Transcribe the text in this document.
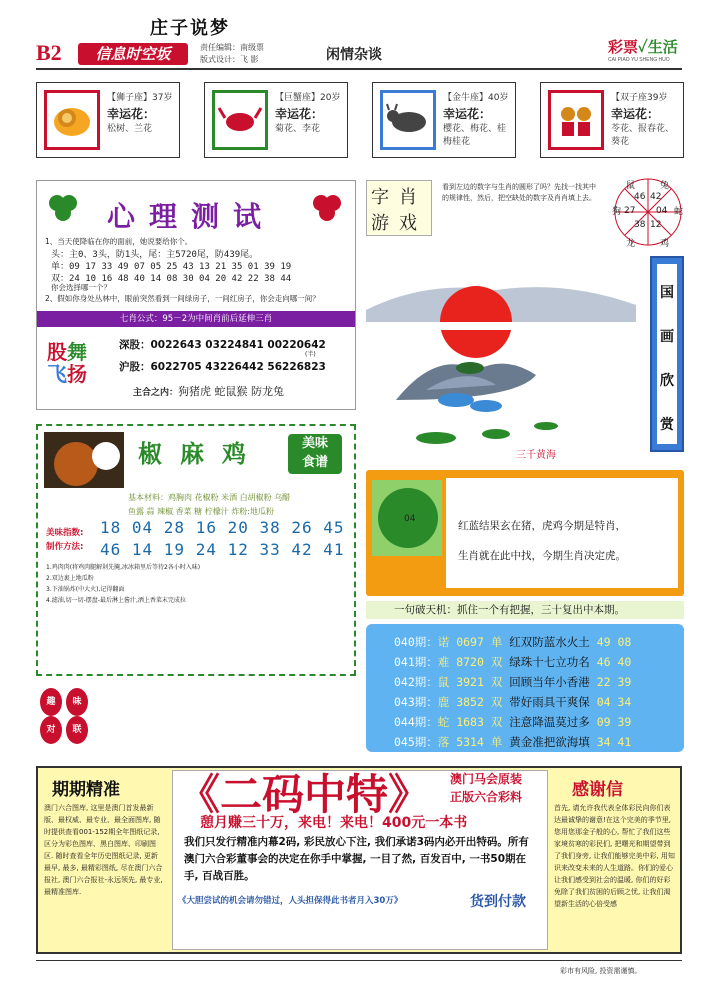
B2	信息时空坂	责任编辑：南级票
版式设计：飞 影	闲情杂谈	彩票✓生活
CAI PIAO YU SHENG HUO
【狮子座】37岁
幸运花：
松树、兰花
【巨蟹座】20岁
幸运花：
菊花、李花
【金牛座】40岁
幸运花：
樱花、梅花、桂梅桂花
【双子座39岁
幸运花：
苓花、报春花、葵花
心理测试
1、当天使降临在你的面前，她说要给你个。
头：主0、3头，防1头，尾：主5720尾，防439尾。
单：09 17 33 49 07 05 25 43 13 21 35 01 39 19
双：24 10 16 48 40 14 08 30 04 20 42 22 38 44
你会选择哪一个？
2、假如你身处丛林中，眼前突然看到一间绿房子，一间红房子，你会走向哪一间？
七肖公式：95－2为中间肖前后延伸三肖
股舞
飞扬
深股：0022643 03224841 00220642
(半)
沪股：6022705 43226442 56226823
主合之内：狗猪虎 蛇鼠猴 防龙兔
字 肖
游 戏
看到左边的数字与生肖的圆形了吗？先找一找其中的规律性，然后，把空缺处的数字及肖肖填上去。
鼠	兔
狗	蛇
龙	鸡
46 42
27 04
38 12
三千黄海
国
画
欣
赏
椒麻鸡	美味
食谱
基本材料：鸡胸肉 花椒粉 米酒 白胡椒粉 乌醋
鱼露 蒜 辣椒 香菜 糖 柠檬汁 炸粉:地瓜粉
美味指数:
制作方法:
18 04 28 16 20 38 26 45
46 14 19 24 12 33 42 41
1.鸡肉肉(将鸡肉腿解剁先腌,冰冰箱里后等待2各小时入味)
2.双边裹上地瓜粉
3.下油锅炸(中大火),记得翻面
4.滤油,切一切-摆盘-最后淋上酱汁,洒上香菜末完成拉
趣	味
对	联
04
庄子说梦
红蓝结果玄在猪，虎鸡今期是特肖，
生肖就在此中找，今期生肖决定虎。
一句破天机：抓住一个有把握，三十复出中本期。
040期：诺 0697 单 红双防蓝水火土 49 08
041期：难 8720 双 绿珠十七立功名 46 40
042期：鼠 3921 双 回顾当年小香港 22 39
043期：鹿 3852 双 带好雨具干爽保 04 34
044期：蛇 1683 双 注意降温莫过多 09 39
045期：落 5314 单 黄金准把欲海填 34 41
期期精准
澳门六合图库, 这里是澳门首发最新版、最权威、最专业、最全面图库, 随时提供查看001-152期全年图纸记录, 区分为彩色图库、黑白图库、印刷图区. 随时查看全年历史图纸记录, 更新最早, 最多, 最精彩图纸, 尽在澳门六合报社, 澳门六合报社-永远领先, 最专业, 最精准图库.
《二码中特》 澳门马会原装
正版六合彩料
憩月赚三十万，来电！来电！400元一本书
我们只发行精准内幕2码, 彩民放心下注, 我们承诺3码内必开出特码。所有澳门六合彩董事会的决定在你手中掌握, 一目了然, 百发百中, 一书50期在手, 百战百胜。
《大胆尝试的机会请勿错过，人头担保得此书者月入30万》	货到付款
感谢信
首先, 请允许我代表全体彩民向你们表达最诚挚的谢意!在这个完美的季节里, 您用您那金子般的心, 帮忙了我们这些家境贫寒的彩民们, 把曙光和期望带到了我们身旁, 让我们能够完美中彩, 用知识来改变未来的人生道路。你们的爱心让我们感受到社会的温暖, 你们的好彩免除了我们贫困的后顾之忧, 让我们渴望新生活的心倍受感
彩市有风险, 投资需谨慎。
